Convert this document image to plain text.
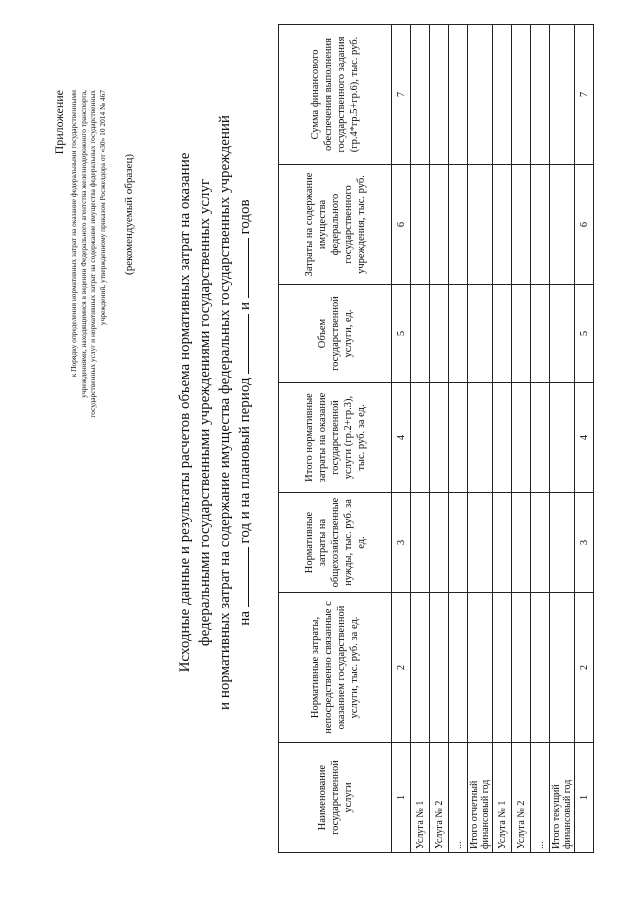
Приложение к Порядку определения нормативных затрат на оказание федеральными государственными учреждениями, находящимися в ведении Федерального агентства железнодорожного транспорта, государственных услуг и нормативных затрат на содержание имущества федеральных государственных учреждений, утвержденному приказом Росжелдора от «30» 10 2014 № 467 (рекомендуемый образец)	Исходные данные и результаты расчетов объема нормативных затрат на оказание федеральными государственными учреждениями государственных услуг и нормативных затрат на содержание имущества федеральных государственных учреждений на  год и на плановый период  и  годов
Наименование государственной услуги	Нормативные затраты, непосредственно связанные с оказанием государственной услуги, тыс. руб. за ед.	Нормативные затраты на общехозяйственные нужды, тыс. руб. за ед.	Итого нормативные затраты на оказание государственной услуги (гр.2+гр.3), тыс. руб. за ед.	Объем государственной услуги, ед.	Затраты на содержание имущества федерального государственного учреждения, тыс. руб.	Сумма финансового обеспечения выполнения государственного задания (гр.4*гр.5+гр.6), тыс. руб.
1	2	3	4	5	6	7
Услуга № 1						
Услуга № 2						
...						
Итого отчетный финансовый год						
Услуга № 1						
Услуга № 2						
...						
Итого текущий финансовый год						
1	2	3	4	5	6	7
